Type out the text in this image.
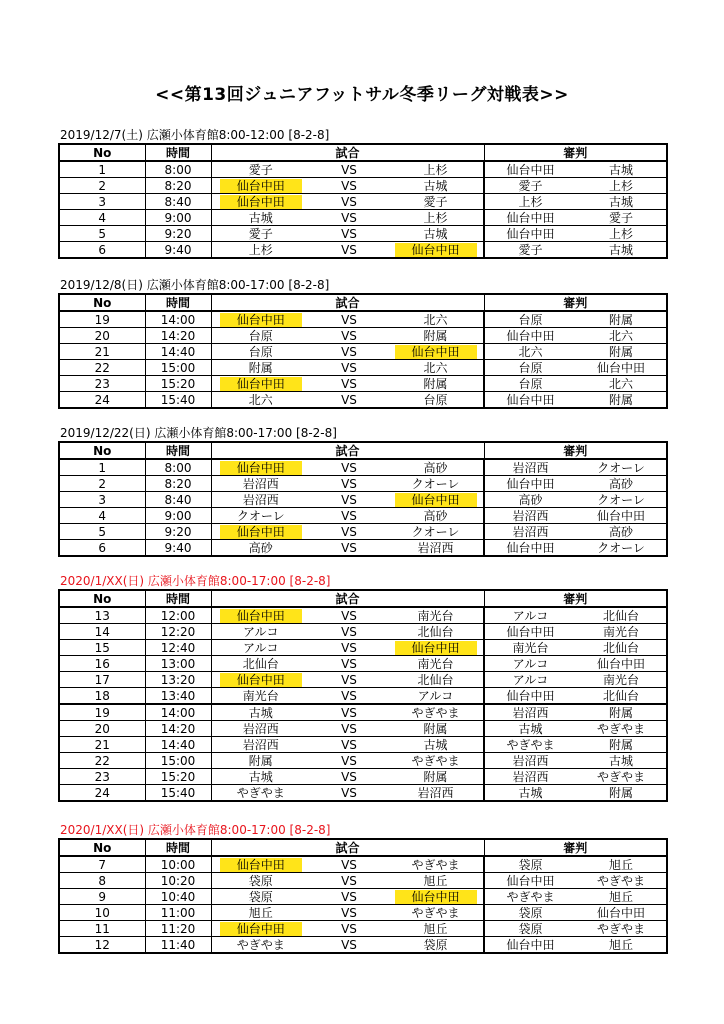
<<第13回ジュニアフットサル冬季リーグ対戦表>>
2019/12/7(土) 広瀬小体育館8:00-12:00 [8-2-8]
No	時間	試合			審判	
1	8:00	愛子	VS	上杉	仙台中田	古城
2	8:20	仙台中田	VS	古城	愛子	上杉
3	8:40	仙台中田	VS	愛子	上杉	古城
4	9:00	古城	VS	上杉	仙台中田	愛子
5	9:20	愛子	VS	古城	仙台中田	上杉
6	9:40	上杉	VS	仙台中田	愛子	古城
2019/12/8(日) 広瀬小体育館8:00-17:00 [8-2-8]
No	時間	試合			審判	
19	14:00	仙台中田	VS	北六	台原	附属
20	14:20	台原	VS	附属	仙台中田	北六
21	14:40	台原	VS	仙台中田	北六	附属
22	15:00	附属	VS	北六	台原	仙台中田
23	15:20	仙台中田	VS	附属	台原	北六
24	15:40	北六	VS	台原	仙台中田	附属
2019/12/22(日) 広瀬小体育館8:00-17:00 [8-2-8]
No	時間	試合			審判	
1	8:00	仙台中田	VS	高砂	岩沼西	クオーレ
2	8:20	岩沼西	VS	クオーレ	仙台中田	高砂
3	8:40	岩沼西	VS	仙台中田	高砂	クオーレ
4	9:00	クオーレ	VS	高砂	岩沼西	仙台中田
5	9:20	仙台中田	VS	クオーレ	岩沼西	高砂
6	9:40	高砂	VS	岩沼西	仙台中田	クオーレ
2020/1/XX(日) 広瀬小体育館8:00-17:00 [8-2-8]
No	時間	試合			審判	
13	12:00	仙台中田	VS	南光台	アルコ	北仙台
14	12:20	アルコ	VS	北仙台	仙台中田	南光台
15	12:40	アルコ	VS	仙台中田	南光台	北仙台
16	13:00	北仙台	VS	南光台	アルコ	仙台中田
17	13:20	仙台中田	VS	北仙台	アルコ	南光台
18	13:40	南光台	VS	アルコ	仙台中田	北仙台
19	14:00	古城	VS	やぎやま	岩沼西	附属
20	14:20	岩沼西	VS	附属	古城	やぎやま
21	14:40	岩沼西	VS	古城	やぎやま	附属
22	15:00	附属	VS	やぎやま	岩沼西	古城
23	15:20	古城	VS	附属	岩沼西	やぎやま
24	15:40	やぎやま	VS	岩沼西	古城	附属
2020/1/XX(日) 広瀬小体育館8:00-17:00 [8-2-8]
No	時間	試合			審判	
7	10:00	仙台中田	VS	やぎやま	袋原	旭丘
8	10:20	袋原	VS	旭丘	仙台中田	やぎやま
9	10:40	袋原	VS	仙台中田	やぎやま	旭丘
10	11:00	旭丘	VS	やぎやま	袋原	仙台中田
11	11:20	仙台中田	VS	旭丘	袋原	やぎやま
12	11:40	やぎやま	VS	袋原	仙台中田	旭丘
